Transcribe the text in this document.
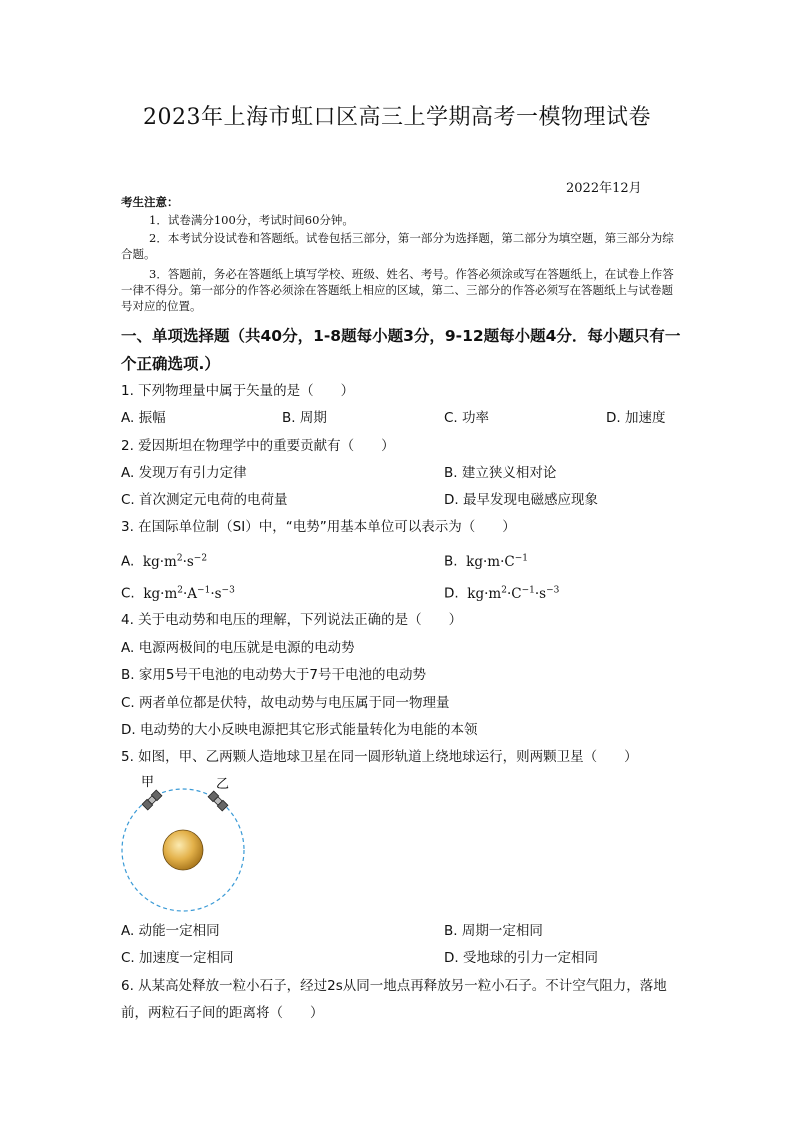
2023年上海市虹口区高三上学期高考一模物理试卷
2022年12月
考生注意：
1．试卷满分100分，考试时间60分钟。
2．本考试分设试卷和答题纸。试卷包括三部分，第一部分为选择题，第二部分为填空题，第三部分为综合题。
3．答题前，务必在答题纸上填写学校、班级、姓名、考号。作答必须涂或写在答题纸上，在试卷上作答一律不得分。第一部分的作答必须涂在答题纸上相应的区域，第二、三部分的作答必须写在答题纸上与试卷题号对应的位置。
一、单项选择题（共40分，1-8题每小题3分，9-12题每小题4分．每小题只有一个正确选项.）
1. 下列物理量中属于矢量的是（　　）
A. 振幅	B. 周期	C. 功率	D. 加速度
2. 爱因斯坦在物理学中的重要贡献有（　　）
A. 发现万有引力定律	B. 建立狭义相对论
C. 首次测定元电荷的电荷量	D. 最早发现电磁感应现象
3. 在国际单位制（SI）中，“电势”用基本单位可以表示为（　　）
A. $kg\cdot m^2\cdot s^{-2}$	B. $kg\cdot m\cdot C^{-1}$
C. $kg\cdot m^2\cdot A^{-1}\cdot s^{-3}$	D. $kg\cdot m^2\cdot C^{-1}\cdot s^{-3}$
4. 关于电动势和电压的理解，下列说法正确的是（　　）
A. 电源两极间的电压就是电源的电动势
B. 家用5号干电池的电动势大于7号干电池的电动势
C. 两者单位都是伏特，故电动势与电压属于同一物理量
D. 电动势的大小反映电源把其它形式能量转化为电能的本领
5. 如图，甲、乙两颗人造地球卫星在同一圆形轨道上绕地球运行，则两颗卫星（　　）
甲	乙
A. 动能一定相同	B. 周期一定相同
C. 加速度一定相同	D. 受地球的引力一定相同
6. 从某高处释放一粒小石子，经过2s从同一地点再释放另一粒小石子。不计空气阻力，落地前，两粒石子间的距离将（　　）
